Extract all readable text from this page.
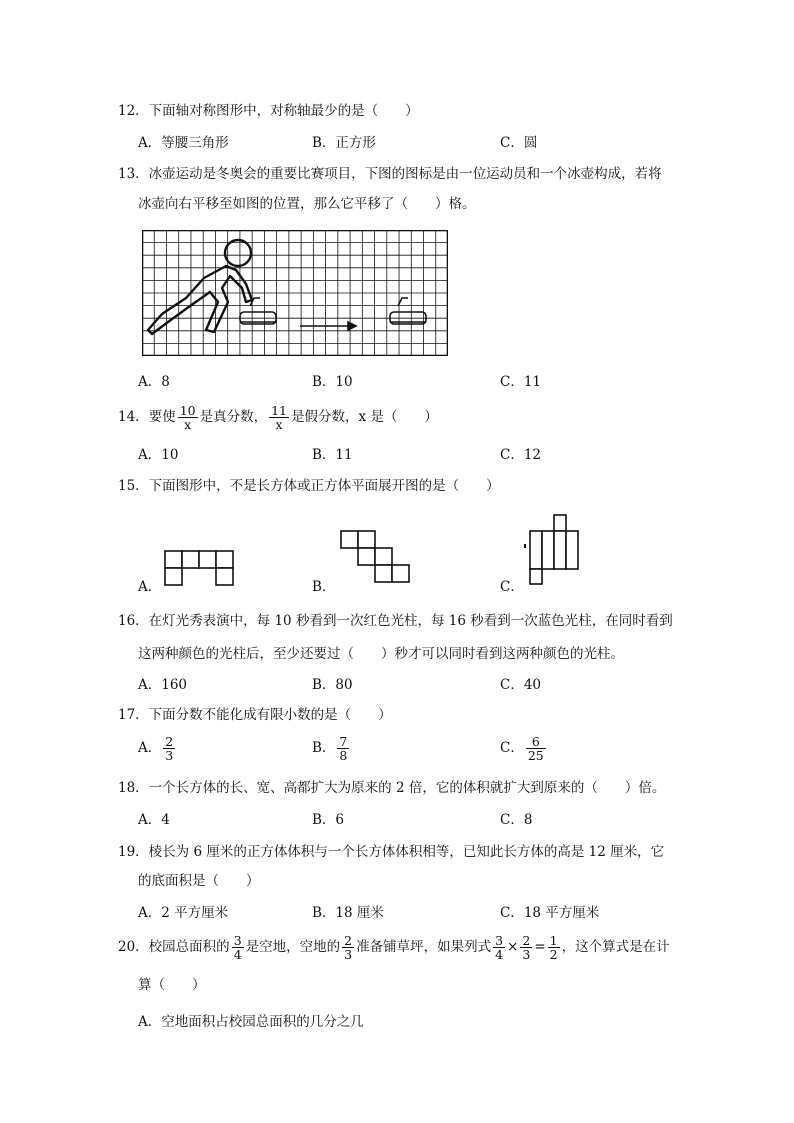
12．下面轴对称图形中，对称轴最少的是（　　）
A．等腰三角形	B．正方形	C．圆
13．冰壶运动是冬奥会的重要比赛项目，下图的图标是由一位运动员和一个冰壶构成，若将
冰壶向右平移至如图的位置，那么它平移了（　　）格。
A．8	B．10	C．11
14．要使 $\frac{10}{x}$ 是真分数， $\frac{11}{x}$ 是假分数，x 是（　　）
A．10	B．11	C．12
15．下面图形中，不是长方体或正方体平面展开图的是（　　）
A．	B．	C．
16．在灯光秀表演中，每 10 秒看到一次红色光柱，每 16 秒看到一次蓝色光柱，在同时看到
这两种颜色的光柱后，至少还要过（　　）秒才可以同时看到这两种颜色的光柱。
A．160	B．80	C．40
17．下面分数不能化成有限小数的是（　　）
A． $\frac{2}{3}$	B． $\frac{7}{8}$	C． $\frac{6}{25}$
18．一个长方体的长、宽、高都扩大为原来的 2 倍，它的体积就扩大到原来的（　　）倍。
A．4	B．6	C．8
19．棱长为 6 厘米的正方体体积与一个长方体体积相等，已知此长方体的高是 12 厘米，它
的底面积是（　　）
A．2 平方厘米	B．18 厘米	C．18 平方厘米
20．校园总面积的 $\frac{3}{4}$ 是空地，空地的 $\frac{2}{3}$ 准备铺草坪，如果列式 $\frac{3}{4} \times \frac{2}{3} = \frac{1}{2}$ ，这个算式是在计
算（　　）
A．空地面积占校园总面积的几分之几
